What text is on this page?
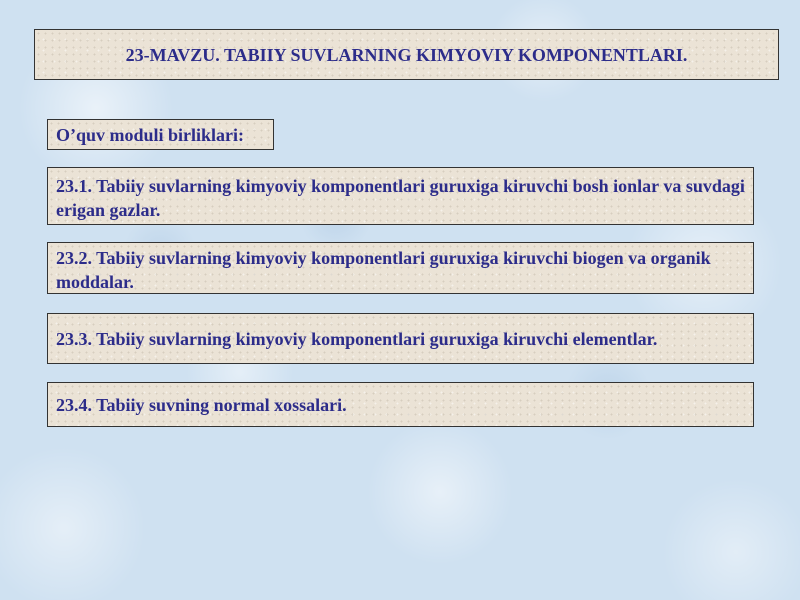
23-MAVZU. TABIIY SUVLARNING KIMYOVIY KOMPONENTLARI.
O’quv moduli birliklari:
23.1. Tabiiy suvlarning kimyoviy komponentlari guruxiga kiruvchi bosh ionlar va suvdagi erigan gazlar.
23.2. Tabiiy suvlarning kimyoviy komponentlari guruxiga kiruvchi biogen va organik moddalar.
23.3. Tabiiy suvlarning kimyoviy komponentlari guruxiga kiruvchi elementlar.
23.4. Tabiiy suvning normal xossalari.
